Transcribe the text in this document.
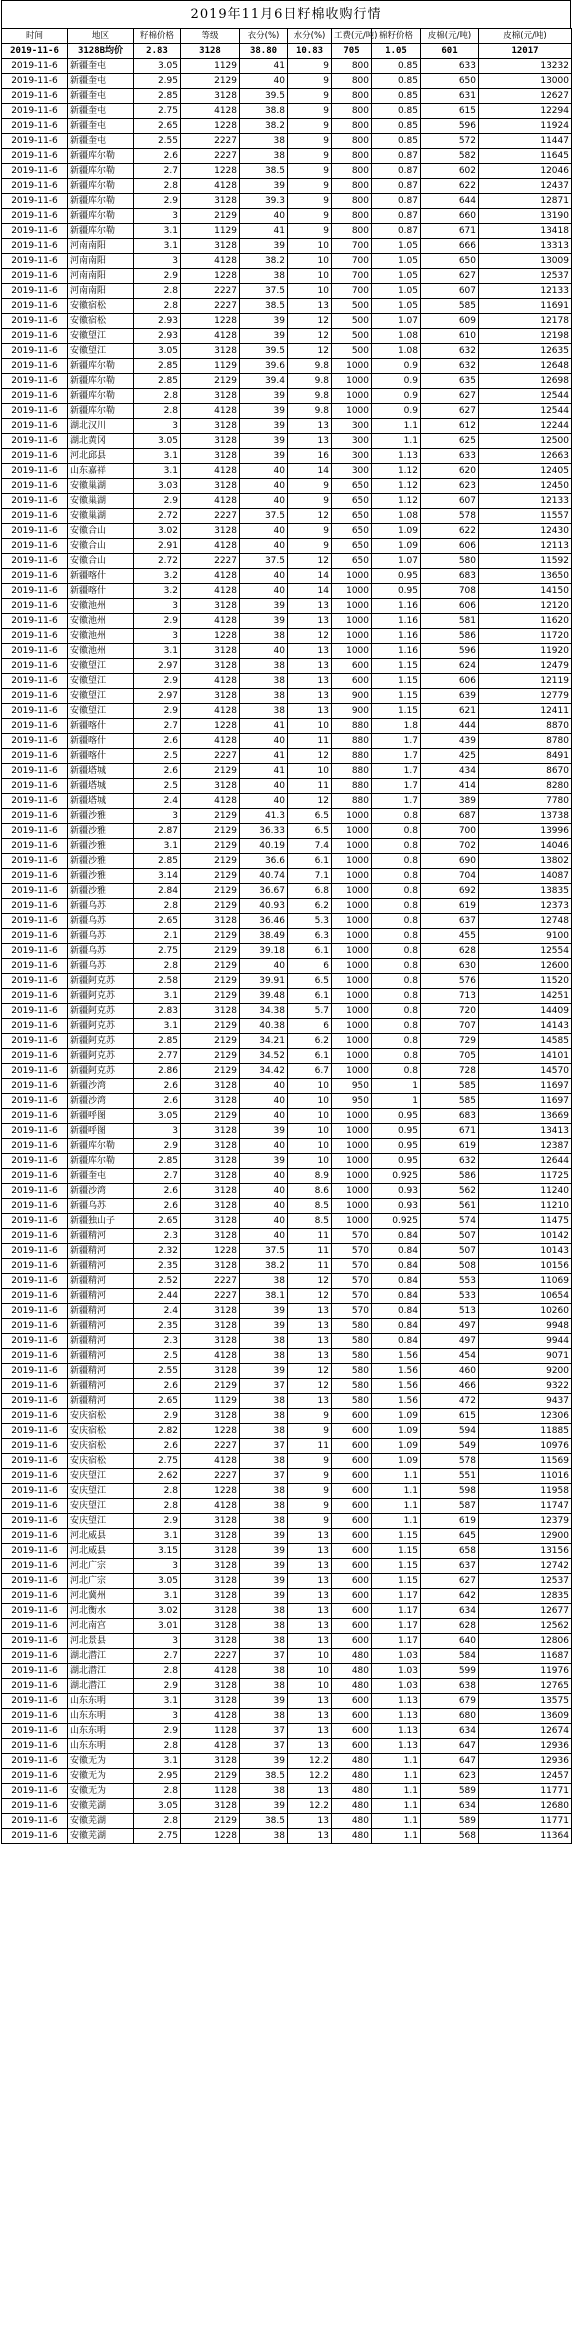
2019年11月6日籽棉收购行情
时间	地区	籽棉价格	等级	衣分(%)	水分(%)	工费(元/吨)	棉籽价格	皮棉(元/吨)	皮棉(元/吨)
2019-11-6	3128B均价	2.83	3128	38.80	10.83	705	1.05	601	12017
2019-11-6	新疆奎屯	3.05	1129	41	9	800	0.85	633	13232
2019-11-6	新疆奎屯	2.95	2129	40	9	800	0.85	650	13000
2019-11-6	新疆奎屯	2.85	3128	39.5	9	800	0.85	631	12627
2019-11-6	新疆奎屯	2.75	4128	38.8	9	800	0.85	615	12294
2019-11-6	新疆奎屯	2.65	1228	38.2	9	800	0.85	596	11924
2019-11-6	新疆奎屯	2.55	2227	38	9	800	0.85	572	11447
2019-11-6	新疆库尔勒	2.6	2227	38	9	800	0.87	582	11645
2019-11-6	新疆库尔勒	2.7	1228	38.5	9	800	0.87	602	12046
2019-11-6	新疆库尔勒	2.8	4128	39	9	800	0.87	622	12437
2019-11-6	新疆库尔勒	2.9	3128	39.3	9	800	0.87	644	12871
2019-11-6	新疆库尔勒	3	2129	40	9	800	0.87	660	13190
2019-11-6	新疆库尔勒	3.1	1129	41	9	800	0.87	671	13418
2019-11-6	河南南阳	3.1	3128	39	10	700	1.05	666	13313
2019-11-6	河南南阳	3	4128	38.2	10	700	1.05	650	13009
2019-11-6	河南南阳	2.9	1228	38	10	700	1.05	627	12537
2019-11-6	河南南阳	2.8	2227	37.5	10	700	1.05	607	12133
2019-11-6	安徽宿松	2.8	2227	38.5	13	500	1.05	585	11691
2019-11-6	安徽宿松	2.93	1228	39	12	500	1.07	609	12178
2019-11-6	安徽望江	2.93	4128	39	12	500	1.08	610	12198
2019-11-6	安徽望江	3.05	3128	39.5	12	500	1.08	632	12635
2019-11-6	新疆库尔勒	2.85	1129	39.6	9.8	1000	0.9	632	12648
2019-11-6	新疆库尔勒	2.85	2129	39.4	9.8	1000	0.9	635	12698
2019-11-6	新疆库尔勒	2.8	3128	39	9.8	1000	0.9	627	12544
2019-11-6	新疆库尔勒	2.8	4128	39	9.8	1000	0.9	627	12544
2019-11-6	湖北汉川	3	3128	39	13	300	1.1	612	12244
2019-11-6	湖北黄冈	3.05	3128	39	13	300	1.1	625	12500
2019-11-6	河北邱县	3.1	3128	39	16	300	1.13	633	12663
2019-11-6	山东嘉祥	3.1	4128	40	14	300	1.12	620	12405
2019-11-6	安徽巢湖	3.03	3128	40	9	650	1.12	623	12450
2019-11-6	安徽巢湖	2.9	4128	40	9	650	1.12	607	12133
2019-11-6	安徽巢湖	2.72	2227	37.5	12	650	1.08	578	11557
2019-11-6	安徽合山	3.02	3128	40	9	650	1.09	622	12430
2019-11-6	安徽合山	2.91	4128	40	9	650	1.09	606	12113
2019-11-6	安徽合山	2.72	2227	37.5	12	650	1.07	580	11592
2019-11-6	新疆喀什	3.2	4128	40	14	1000	0.95	683	13650
2019-11-6	新疆喀什	3.2	4128	40	14	1000	0.95	708	14150
2019-11-6	安徽池州	3	3128	39	13	1000	1.16	606	12120
2019-11-6	安徽池州	2.9	4128	39	13	1000	1.16	581	11620
2019-11-6	安徽池州	3	1228	38	12	1000	1.16	586	11720
2019-11-6	安徽池州	3.1	3128	40	13	1000	1.16	596	11920
2019-11-6	安徽望江	2.97	3128	38	13	600	1.15	624	12479
2019-11-6	安徽望江	2.9	4128	38	13	600	1.15	606	12119
2019-11-6	安徽望江	2.97	3128	38	13	900	1.15	639	12779
2019-11-6	安徽望江	2.9	4128	38	13	900	1.15	621	12411
2019-11-6	新疆喀什	2.7	1228	41	10	880	1.8	444	8870
2019-11-6	新疆喀什	2.6	4128	40	11	880	1.7	439	8780
2019-11-6	新疆喀什	2.5	2227	41	12	880	1.7	425	8491
2019-11-6	新疆塔城	2.6	2129	41	10	880	1.7	434	8670
2019-11-6	新疆塔城	2.5	3128	40	11	880	1.7	414	8280
2019-11-6	新疆塔城	2.4	4128	40	12	880	1.7	389	7780
2019-11-6	新疆沙雅	3	2129	41.3	6.5	1000	0.8	687	13738
2019-11-6	新疆沙雅	2.87	2129	36.33	6.5	1000	0.8	700	13996
2019-11-6	新疆沙雅	3.1	2129	40.19	7.4	1000	0.8	702	14046
2019-11-6	新疆沙雅	2.85	2129	36.6	6.1	1000	0.8	690	13802
2019-11-6	新疆沙雅	3.14	2129	40.74	7.1	1000	0.8	704	14087
2019-11-6	新疆沙雅	2.84	2129	36.67	6.8	1000	0.8	692	13835
2019-11-6	新疆乌苏	2.8	2129	40.93	6.2	1000	0.8	619	12373
2019-11-6	新疆乌苏	2.65	3128	36.46	5.3	1000	0.8	637	12748
2019-11-6	新疆乌苏	2.1	2129	38.49	6.3	1000	0.8	455	9100
2019-11-6	新疆乌苏	2.75	2129	39.18	6.1	1000	0.8	628	12554
2019-11-6	新疆乌苏	2.8	2129	40	6	1000	0.8	630	12600
2019-11-6	新疆阿克苏	2.58	2129	39.91	6.5	1000	0.8	576	11520
2019-11-6	新疆阿克苏	3.1	2129	39.48	6.1	1000	0.8	713	14251
2019-11-6	新疆阿克苏	2.83	3128	34.38	5.7	1000	0.8	720	14409
2019-11-6	新疆阿克苏	3.1	2129	40.38	6	1000	0.8	707	14143
2019-11-6	新疆阿克苏	2.85	2129	34.21	6.2	1000	0.8	729	14585
2019-11-6	新疆阿克苏	2.77	2129	34.52	6.1	1000	0.8	705	14101
2019-11-6	新疆阿克苏	2.86	2129	34.42	6.7	1000	0.8	728	14570
2019-11-6	新疆沙湾	2.6	3128	40	10	950	1	585	11697
2019-11-6	新疆沙湾	2.6	3128	40	10	950	1	585	11697
2019-11-6	新疆呼图	3.05	2129	40	10	1000	0.95	683	13669
2019-11-6	新疆呼图	3	3128	39	10	1000	0.95	671	13413
2019-11-6	新疆库尔勒	2.9	3128	40	10	1000	0.95	619	12387
2019-11-6	新疆库尔勒	2.85	3128	39	10	1000	0.95	632	12644
2019-11-6	新疆奎屯	2.7	3128	40	8.9	1000	0.925	586	11725
2019-11-6	新疆沙湾	2.6	3128	40	8.6	1000	0.93	562	11240
2019-11-6	新疆乌苏	2.6	3128	40	8.5	1000	0.93	561	11210
2019-11-6	新疆独山子	2.65	3128	40	8.5	1000	0.925	574	11475
2019-11-6	新疆精河	2.3	3128	40	11	570	0.84	507	10142
2019-11-6	新疆精河	2.32	1228	37.5	11	570	0.84	507	10143
2019-11-6	新疆精河	2.35	3128	38.2	11	570	0.84	508	10156
2019-11-6	新疆精河	2.52	2227	38	12	570	0.84	553	11069
2019-11-6	新疆精河	2.44	2227	38.1	12	570	0.84	533	10654
2019-11-6	新疆精河	2.4	3128	39	13	570	0.84	513	10260
2019-11-6	新疆精河	2.35	3128	39	13	580	0.84	497	9948
2019-11-6	新疆精河	2.3	3128	38	13	580	0.84	497	9944
2019-11-6	新疆精河	2.5	4128	38	13	580	1.56	454	9071
2019-11-6	新疆精河	2.55	3128	39	12	580	1.56	460	9200
2019-11-6	新疆精河	2.6	2129	37	12	580	1.56	466	9322
2019-11-6	新疆精河	2.65	1129	38	13	580	1.56	472	9437
2019-11-6	安庆宿松	2.9	3128	38	9	600	1.09	615	12306
2019-11-6	安庆宿松	2.82	1228	38	9	600	1.09	594	11885
2019-11-6	安庆宿松	2.6	2227	37	11	600	1.09	549	10976
2019-11-6	安庆宿松	2.75	4128	38	9	600	1.09	578	11569
2019-11-6	安庆望江	2.62	2227	37	9	600	1.1	551	11016
2019-11-6	安庆望江	2.8	1228	38	9	600	1.1	598	11958
2019-11-6	安庆望江	2.8	4128	38	9	600	1.1	587	11747
2019-11-6	安庆望江	2.9	3128	38	9	600	1.1	619	12379
2019-11-6	河北威县	3.1	3128	39	13	600	1.15	645	12900
2019-11-6	河北威县	3.15	3128	39	13	600	1.15	658	13156
2019-11-6	河北广宗	3	3128	39	13	600	1.15	637	12742
2019-11-6	河北广宗	3.05	3128	39	13	600	1.15	627	12537
2019-11-6	河北冀州	3.1	3128	39	13	600	1.17	642	12835
2019-11-6	河北衡水	3.02	3128	38	13	600	1.17	634	12677
2019-11-6	河北南宫	3.01	3128	38	13	600	1.17	628	12562
2019-11-6	河北景县	3	3128	38	13	600	1.17	640	12806
2019-11-6	湖北潜江	2.7	2227	37	10	480	1.03	584	11687
2019-11-6	湖北潜江	2.8	4128	38	10	480	1.03	599	11976
2019-11-6	湖北潜江	2.9	3128	38	10	480	1.03	638	12765
2019-11-6	山东东明	3.1	3128	39	13	600	1.13	679	13575
2019-11-6	山东东明	3	4128	38	13	600	1.13	680	13609
2019-11-6	山东东明	2.9	1128	37	13	600	1.13	634	12674
2019-11-6	山东东明	2.8	4128	37	13	600	1.13	647	12936
2019-11-6	安徽无为	3.1	3128	39	12.2	480	1.1	647	12936
2019-11-6	安徽无为	2.95	2129	38.5	12.2	480	1.1	623	12457
2019-11-6	安徽无为	2.8	1128	38	13	480	1.1	589	11771
2019-11-6	安徽芜湖	3.05	3128	39	12.2	480	1.1	634	12680
2019-11-6	安徽芜湖	2.8	2129	38.5	13	480	1.1	589	11771
2019-11-6	安徽芜湖	2.75	1228	38	13	480	1.1	568	11364
